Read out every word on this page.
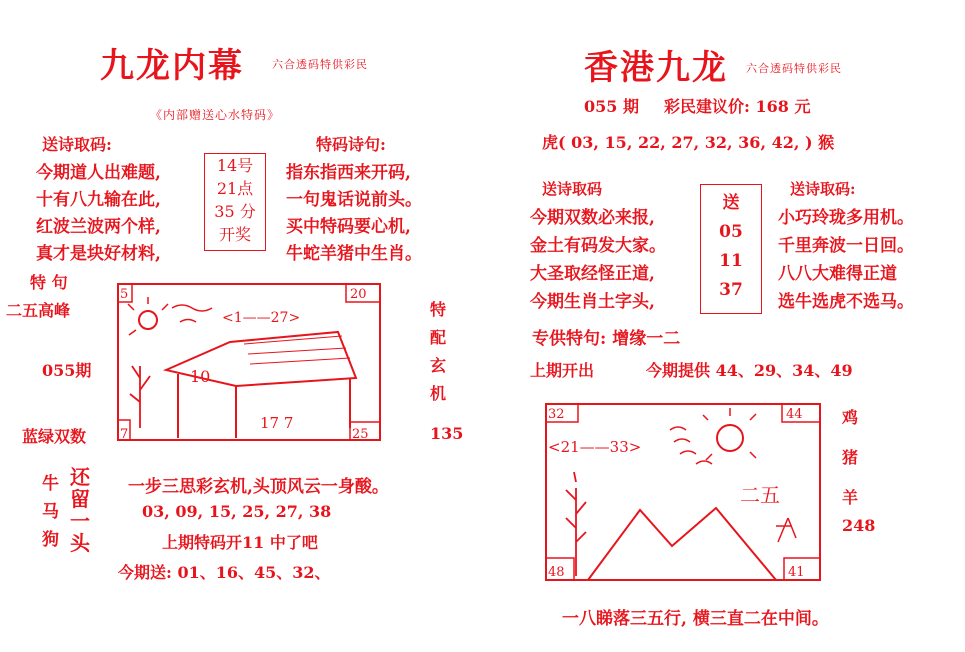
九龙内幕	六合透码特供彩民
《内部赠送心水特码》
送诗取码:	特码诗句:
今期道人出难题,
十有八九输在此,
红波兰波两个样,
真才是块好材料,
14号
21点
35 分
开奖
指东指西来开码,
一句鬼话说前头。
买中特码要心机,
牛蛇羊猪中生肖。
特 句
二五高峰
055期
蓝绿双数
5	20
7	25
<1——27>
10
17 7
特
配
玄
机
135
牛
马
狗
还
留
一
头
一步三思彩玄机,头顶风云一身酸。
03, 09, 15, 25, 27, 38
上期特码开11 中了吧
今期送: 01、16、45、32、
香港九龙 六合透码特供彩民
055 期 彩民建议价: 168 元
虎( 03, 15, 22, 27, 32, 36, 42, ) 猴
送诗取码	送诗取码:
今期双数必来报,
金土有码发大家。
大圣取经怪正道,
今期生肖土字头,
送
05
11
37
小巧玲珑多用机。
千里奔波一日回。
八八大难得正道
选牛选虎不选马。
专供特句: 增缘一二
上期开出	今期提供 44、29、34、49
32	44
48	41
<21——33>
二五
鸡
猪
羊
248
一八睇落三五行, 横三直二在中间。
